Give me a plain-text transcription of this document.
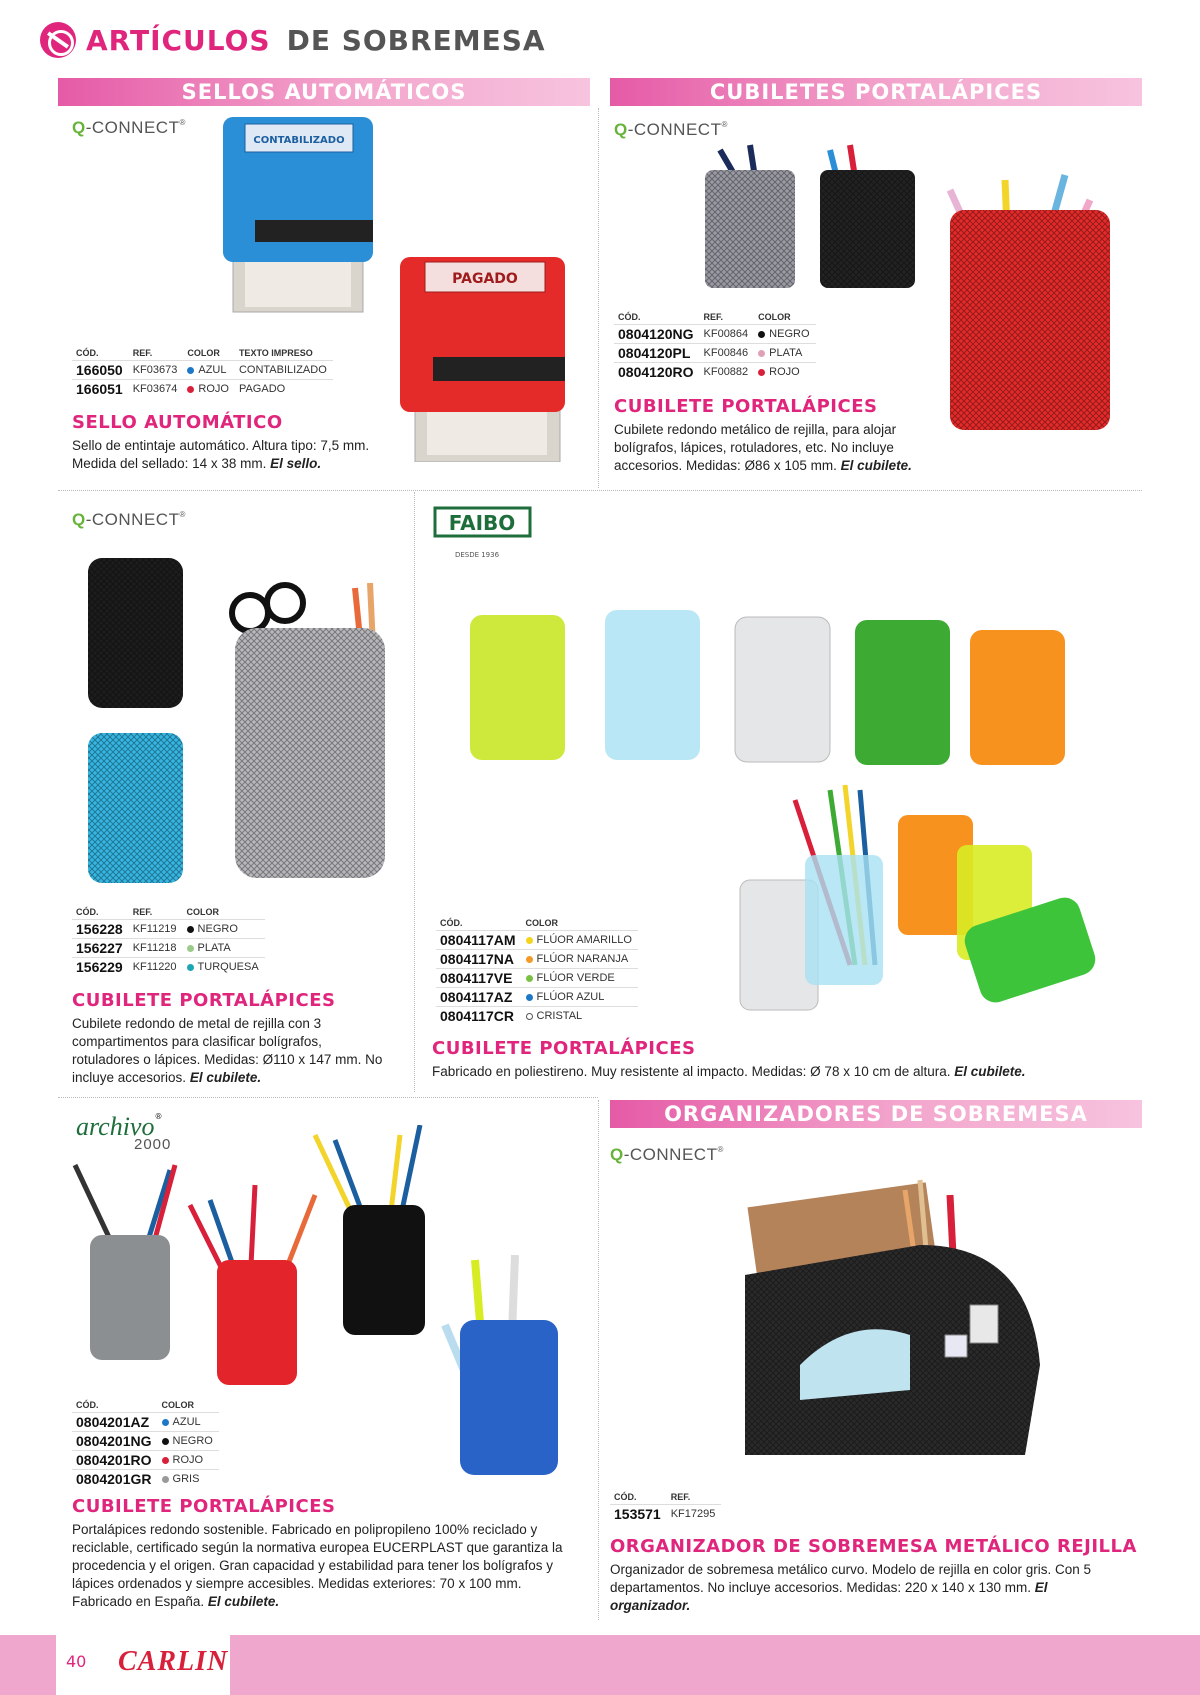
ARTÍCULOS DE SOBREMESA
SELLOS AUTOMÁTICOS	CUBILETES PORTALÁPICES
ORGANIZADORES DE SOBREMESA
Q-CONNECT®
CONTABILIZADO
PAGADO
CÓD.	REF.	COLOR	TEXTO IMPRESO
166050	KF03673	AZUL	CONTABILIZADO
166051	KF03674	ROJO	PAGADO
SELLO AUTOMÁTICO
Sello de entintaje automático. Altura tipo: 7,5 mm. Medida del sellado: 14 x 38 mm. El sello.
Q-CONNECT®
CÓD.	REF.	COLOR
0804120NG	KF00864	NEGRO
0804120PL	KF00846	PLATA
0804120RO	KF00882	ROJO
CUBILETE PORTALÁPICES
Cubilete redondo metálico de rejilla, para alojar bolígrafos, lápices, rotuladores, etc. No incluye accesorios. Medidas: Ø86 x 105 mm. El cubilete.
Q-CONNECT®
CÓD.	REF.	COLOR
156228	KF11219	NEGRO
156227	KF11218	PLATA
156229	KF11220	TURQUESA
CUBILETE PORTALÁPICES
Cubilete redondo de metal de rejilla con 3 compartimentos para clasificar bolígrafos, rotuladores o lápices. Medidas: Ø110 x 147 mm. No incluye accesorios. El cubilete.
FAIBO
DESDE 1936
CÓD.	COLOR
0804117AM	FLÚOR AMARILLO
0804117NA	FLÚOR NARANJA
0804117VE	FLÚOR VERDE
0804117AZ	FLÚOR AZUL
0804117CR	CRISTAL
CUBILETE PORTALÁPICES
Fabricado en poliestireno. Muy resistente al impacto. Medidas: Ø 78 x 10 cm de altura. El cubilete.
archivo®
2000
CÓD.	COLOR
0804201AZ	AZUL
0804201NG	NEGRO
0804201RO	ROJO
0804201GR	GRIS
CUBILETE PORTALÁPICES
Portalápices redondo sostenible. Fabricado en polipropileno 100% reciclado y reciclable, certificado según la normativa europea EUCERPLAST que garantiza la procedencia y el origen. Gran capacidad y estabilidad para tener los bolígrafos y lápices ordenados y siempre accesibles. Medidas exteriores: 70 x 100 mm. Fabricado en España. El cubilete.
Q-CONNECT®
CÓD.	REF.
153571	KF17295
ORGANIZADOR DE SOBREMESA METÁLICO REJILLA
Organizador de sobremesa metálico curvo. Modelo de rejilla en color gris. Con 5 departamentos. No incluye accesorios. Medidas: 220 x 140 x 130 mm. El organizador.
40 CARLIN
